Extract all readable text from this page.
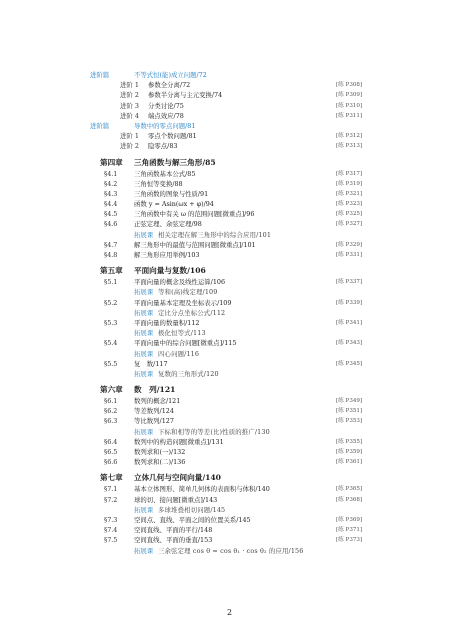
进阶篇	不等式恒(能)成立问题/72
进阶 1 参数全分离/72	[练 P308]
进阶 2 参数半分离与主元变换/74	[练 P309]
进阶 3 分类讨论/75	[练 P310]
进阶 4 端点效应/78	[练 P311]
进阶篇	导数中的零点问题/81
进阶 1 零点个数问题/81	[练 P312]
进阶 2 隐零点/83	[练 P313]
第四章 三角函数与解三角形/85
§4.1	三角函数基本公式/85	[练 P317]
§4.2	三角恒等变换/88	[练 P319]
§4.3	三角函数的图象与性质/91	[练 P321]
§4.4	函数 y = Asin(ωx + φ)/94	[练 P323]
§4.5	三角函数中有关 ω 的范围问题[微重点]/96	[练 P325]
§4.6	正弦定理、余弦定理/98	[练 P327]
拓展课 相关定理在解三角形中的综合应用/101
§4.7	解三角形中的最值与范围问题[微重点]/101	[练 P329]
§4.8	解三角形应用举例/103	[练 P331]
第五章 平面向量与复数/106
§5.1	平面向量的概念及线性运算/106	[练 P337]
拓展课 等和(高)线定理/109
§5.2	平面向量基本定理及坐标表示/109	[练 P339]
拓展课 定比分点坐标公式/112
§5.3	平面向量的数量积/112	[练 P341]
拓展课 极化恒等式/113
§5.4	平面向量中的综合问题[微重点]/115	[练 P343]
拓展课 四心问题/116
§5.5	复　数/117	[练 P345]
拓展课 复数的三角形式/120
第六章 数　列/121
§6.1	数列的概念/121	[练 P349]
§6.2	等差数列/124	[练 P351]
§6.3	等比数列/127	[练 P353]
拓展课 下标和相等的等差(比)性质的推广/130
§6.4	数列中的构造问题[微重点]/131	[练 P355]
§6.5	数列求和(一)/132	[练 P359]
§6.6	数列求和(二)/136	[练 P361]
第七章 立体几何与空间向量/140
§7.1	基本立体图形、简单几何体的表面积与体积/140	[练 P365]
§7.2	球的切、接问题[微重点]/143	[练 P368]
拓展课 多球堆叠相切问题/145
§7.3	空间点、直线、平面之间的位置关系/145	[练 P369]
§7.4	空间直线、平面的平行/148	[练 P371]
§7.5	空间直线、平面的垂直/153	[练 P373]
拓展课 三余弦定理 cos θ = cos θ₁ · cos θ₂ 的应用/156
2
